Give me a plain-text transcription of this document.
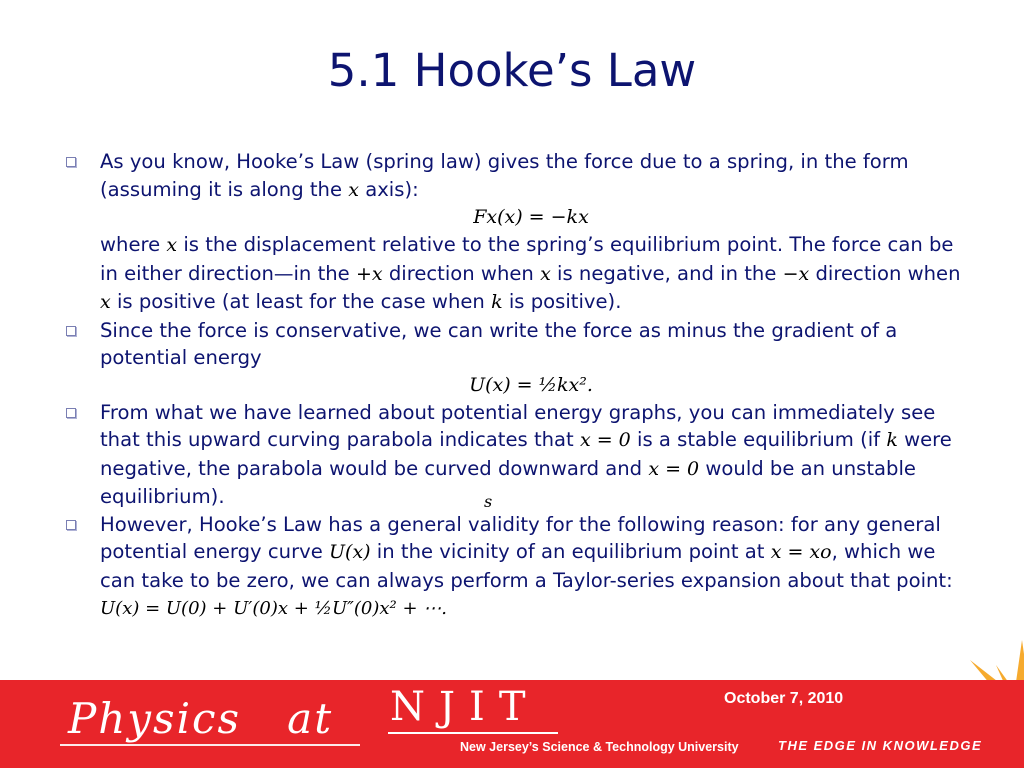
5.1 Hooke’s Law
As you know, Hooke’s Law (spring law) gives the force due to a spring, in the form (assuming it is along the x axis):
Fx(x) = −kx
where x is the displacement relative to the spring’s equilibrium point. The force can be in either direction—in the +x direction when x is negative, and in the −x direction when x is positive (at least for the case when k is positive).
Since the force is conservative, we can write the force as minus the gradient of a potential energy
U(x) = ½kx².
From what we have learned about potential energy graphs, you can immediately see that this upward curving parabola indicates that x = 0 is a stable equilibrium (if k were negative, the parabola would be curved downward and x = 0 would be an unstable equilibrium).
However, Hooke’s Law has a general validity for the following reason: for any general potential energy curve U(x) in the vicinity of an equilibrium point at x = xo, which we can take to be zero, we can always perform a Taylor-series expansion about that point: U(x) = U(0) + U′(0)x + ½U″(0)x² + ⋯.
s
Physics at NJIT
New Jersey’s Science & Technology University	THE EDGE IN KNOWLEDGE
October 7, 2010
